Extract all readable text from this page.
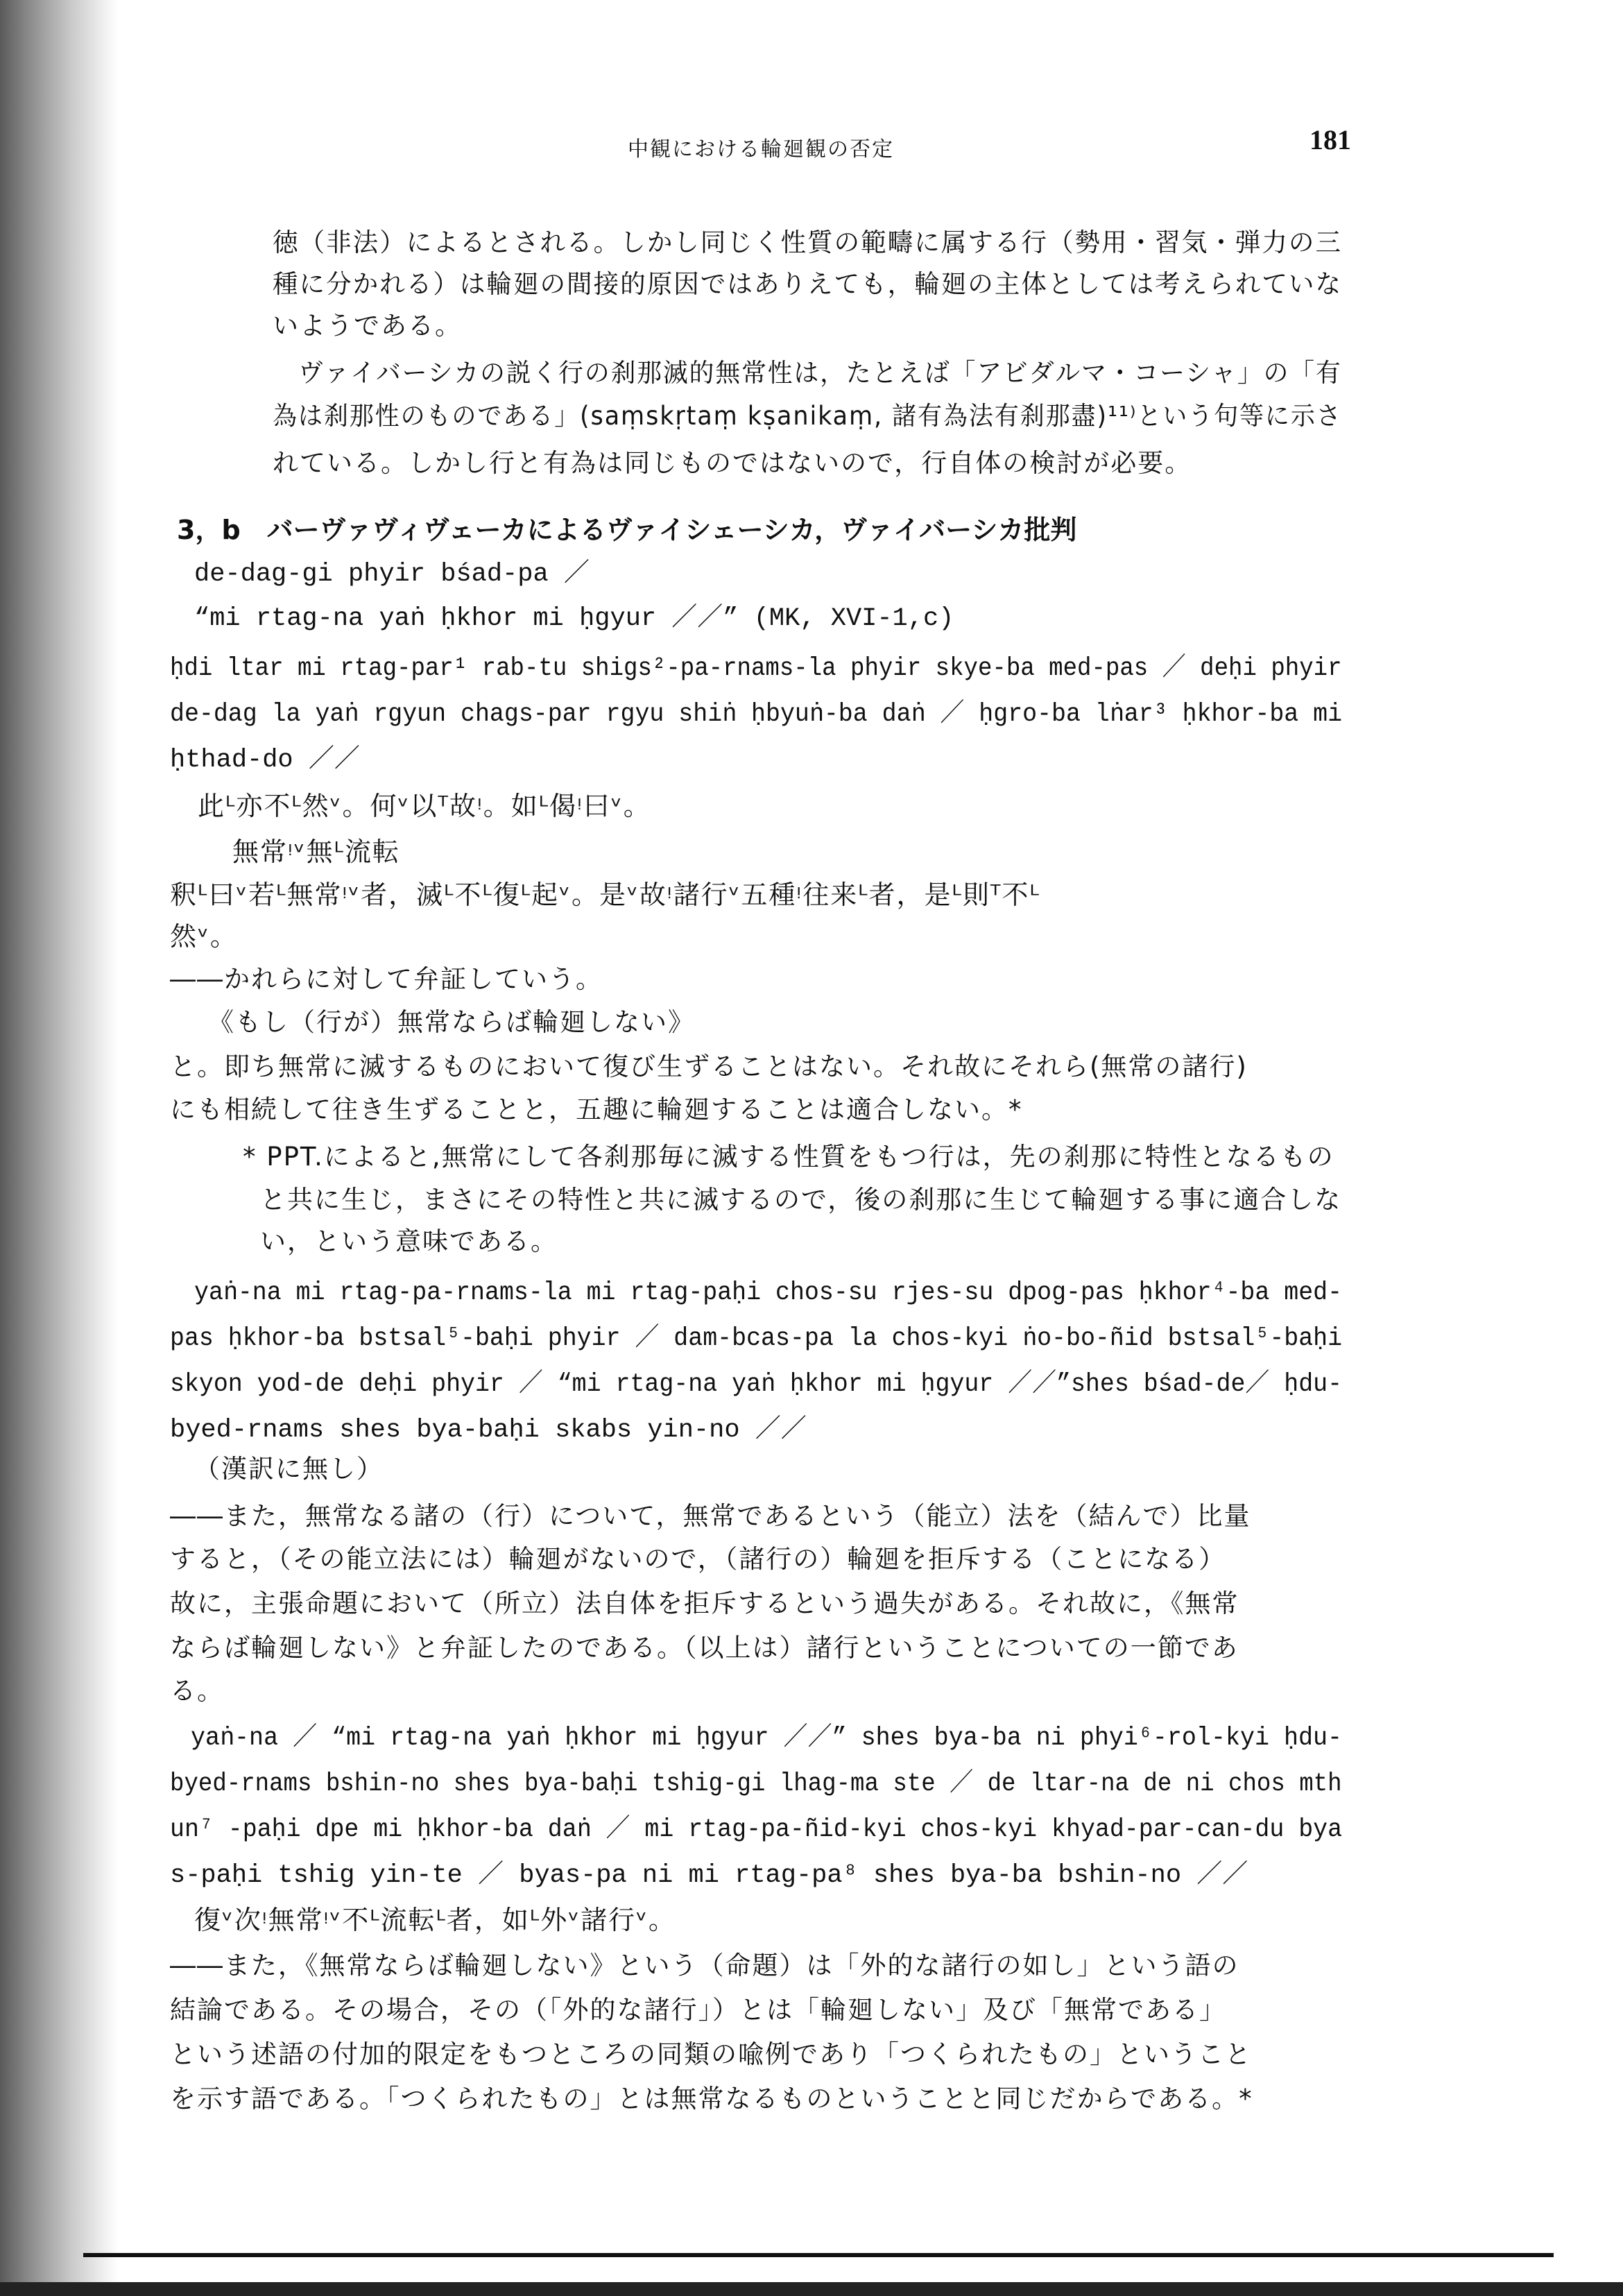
中観における輪廻観の否定	181
徳（非法）によるとされる。しかし同じく性質の範疇に属する行（勢用・習気・弾力の三
種に分かれる）は輪廻の間接的原因ではありえても，輪廻の主体としては考えられていな
いようである。
ヴァイバーシカの説く行の刹那滅的無常性は，たとえば「アビダルマ・コーシャ」の「有
為は刹那性のものである」(saṃskṛtaṃ kṣanikaṃ, 諸有為法有刹那盡)¹¹⁾という句等に示さ
れている。しかし行と有為は同じものではないので，行自体の検討が必要。
3，b　バーヴァヴィヴェーカによるヴァイシェーシカ，ヴァイバーシカ批判
de-dag-gi phyir bśad-pa ／
“mi rtag-na yaṅ ḥkhor mi ḥgyur ／／” (MK, XVI-1,c)
ḥdi ltar mi rtag-par¹ rab-tu shigs²-pa-rnams-la phyir skye-ba med-pas ／ deḥi phyir
de-dag la yaṅ rgyun chags-par rgyu shiṅ ḥbyuṅ-ba daṅ ／ ḥgro-ba lṅar³ ḥkhor-ba mi
ḥthad-do ／／
此ᴸ亦不ᴸ然ᵛ。何ᵛ以ᵀ故ᵎ。如ᴸ偈ᵎ曰ᵛ。
無常ᵎᵛ無ᴸ流転
釈ᴸ曰ᵛ若ᴸ無常ᵎᵛ者，滅ᴸ不ᴸ復ᴸ起ᵛ。是ᵛ故ᵎ諸行ᵛ五種ᵎ往来ᴸ者，是ᴸ則ᵀ不ᴸ
然ᵛ。
――かれらに対して弁証していう。
《もし（行が）無常ならば輪廻しない》
と。即ち無常に滅するものにおいて復び生ずることはない。それ故にそれら(無常の諸行)
にも相続して往き生ずることと，五趣に輪廻することは適合しない。*
* PPT.によると,無常にして各刹那毎に滅する性質をもつ行は，先の刹那に特性となるもの
と共に生じ，まさにその特性と共に滅するので，後の刹那に生じて輪廻する事に適合しな
い，という意味である。
yaṅ-na mi rtag-pa-rnams-la mi rtag-paḥi chos-su rjes-su dpog-pas ḥkhor⁴-ba med-
pas ḥkhor-ba bstsal⁵-baḥi phyir ／ dam-bcas-pa la chos-kyi ṅo-bo-ñid bstsal⁵-baḥi
skyon yod-de deḥi phyir ／ “mi rtag-na yaṅ ḥkhor mi ḥgyur ／／”shes bśad-de／ ḥdu-
byed-rnams shes bya-baḥi skabs yin-no ／／
（漢訳に無し）
――また，無常なる諸の（行）について，無常であるという（能立）法を（結んで）比量
すると，（その能立法には）輪廻がないので，（諸行の）輪廻を拒斥する（ことになる）
故に，主張命題において（所立）法自体を拒斥するという過失がある。それ故に，《無常
ならば輪廻しない》と弁証したのである。（以上は）諸行ということについての一節であ
る。
yaṅ-na ／ “mi rtag-na yaṅ ḥkhor mi ḥgyur ／／” shes bya-ba ni phyi⁶-rol-kyi ḥdu-
byed-rnams bshin-no shes bya-baḥi tshig-gi lhag-ma ste ／ de ltar-na de ni chos mth
un⁷ -paḥi dpe mi ḥkhor-ba daṅ ／ mi rtag-pa-ñid-kyi chos-kyi khyad-par-can-du bya
s-paḥi tshig yin-te ／ byas-pa ni mi rtag-pa⁸ shes bya-ba bshin-no ／／
復ᵛ次ᵎ無常ᵎᵛ不ᴸ流転ᴸ者，如ᴸ外ᵛ諸行ᵛ。
――また，《無常ならば輪廻しない》という（命題）は「外的な諸行の如し」という語の
結論である。その場合，その（「外的な諸行」）とは「輪廻しない」及び「無常である」
という述語の付加的限定をもつところの同類の喩例であり「つくられたもの」ということ
を示す語である。「つくられたもの」とは無常なるものということと同じだからである。*
